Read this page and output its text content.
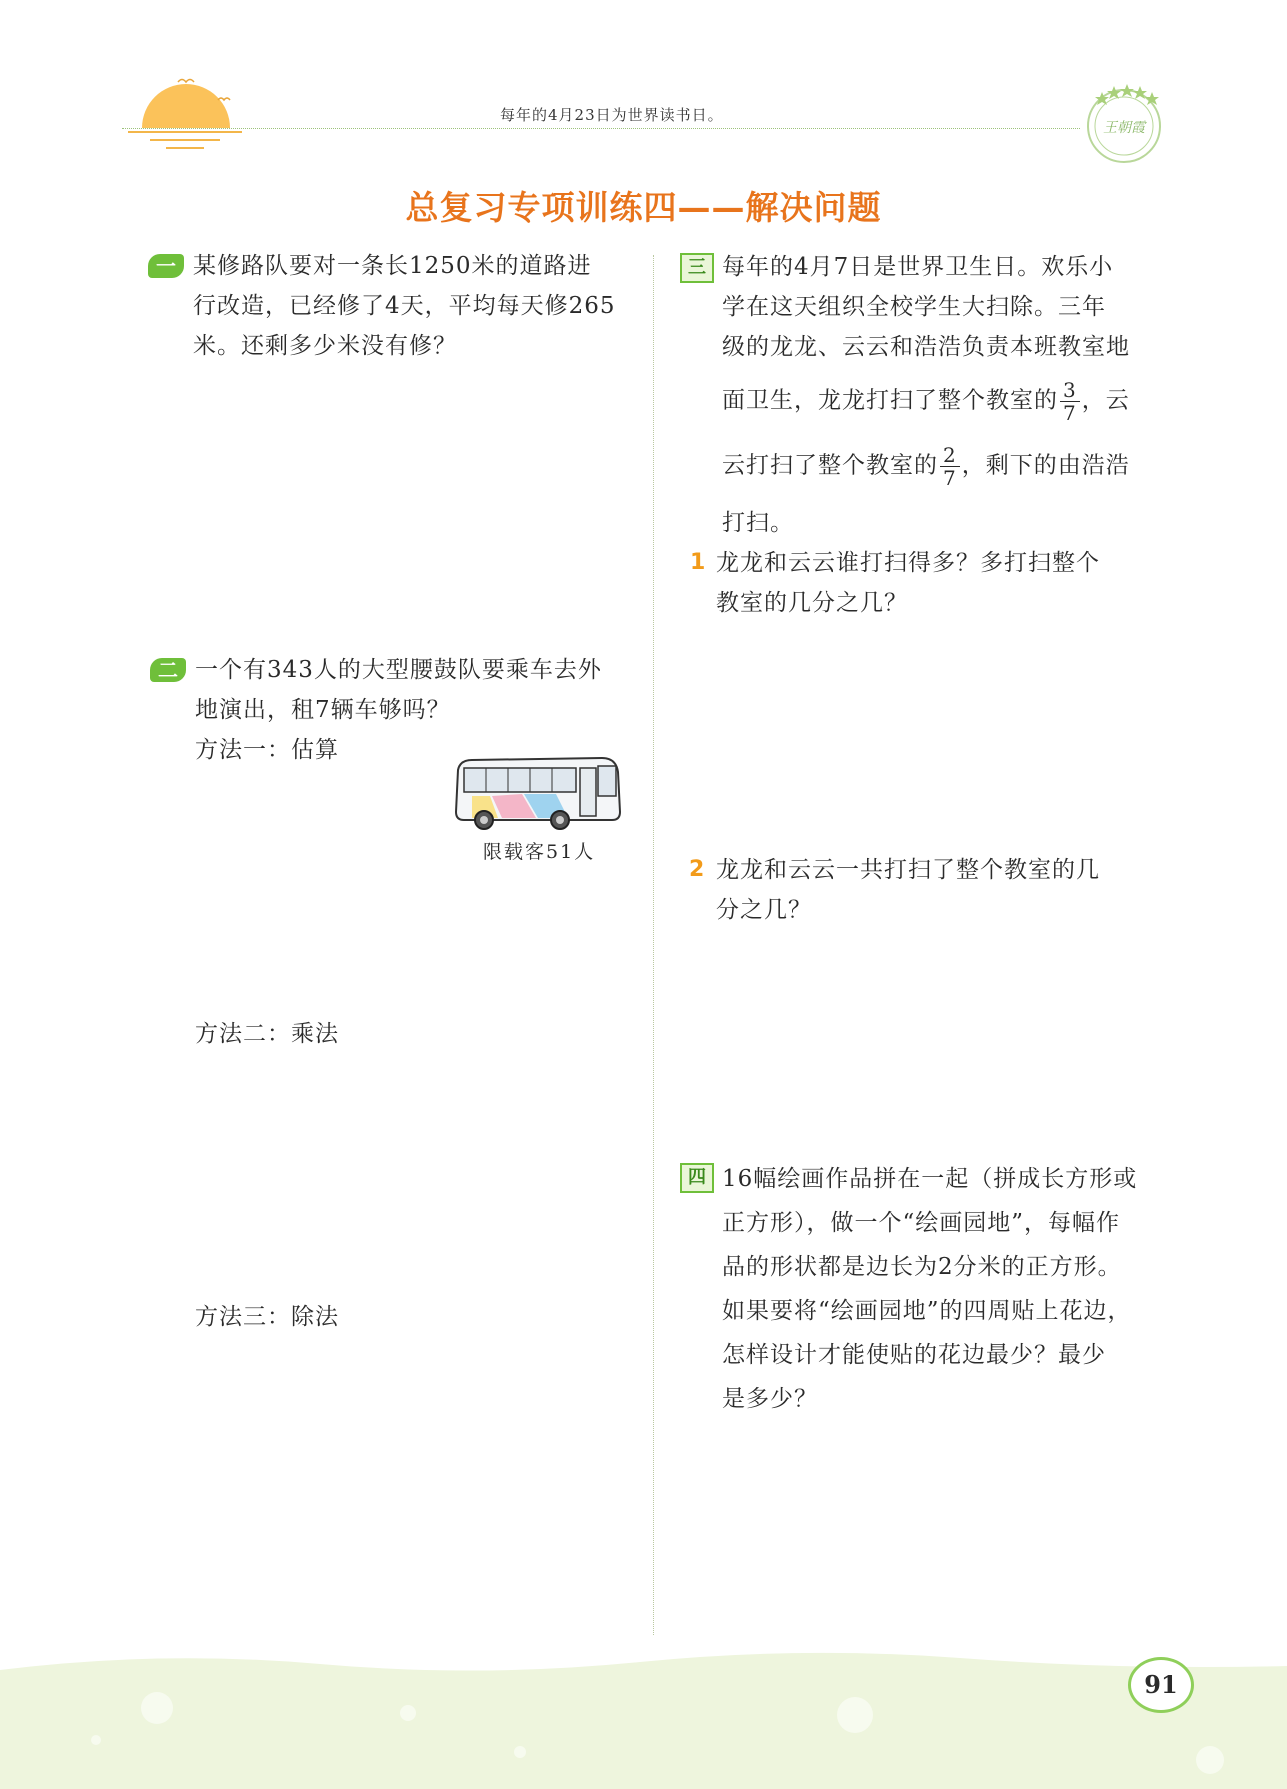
每年的4月23日为世界读书日。
王朝霞
总复习专项训练四——解决问题
一 某修路队要对一条长1250米的道路进
行改造，已经修了4天，平均每天修265
米。还剩多少米没有修？
二 一个有343人的大型腰鼓队要乘车去外
地演出，租7辆车够吗？
方法一：估算
限载客51人
方法二：乘法
方法三：除法
三 每年的4月7日是世界卫生日。欢乐小
学在这天组织全校学生大扫除。三年
级的龙龙、云云和浩浩负责本班教室地
面卫生，龙龙打扫了整个教室的 $\frac{3}{7}$ ，云
云打扫了整个教室的 $\frac{2}{7}$ ，剩下的由浩浩
打扫。
1 龙龙和云云谁打扫得多？多打扫整个
教室的几分之几？
2 龙龙和云云一共打扫了整个教室的几
分之几？
四 16幅绘画作品拼在一起（拼成长方形或
正方形），做一个“绘画园地”，每幅作
品的形状都是边长为2分米的正方形。
如果要将“绘画园地”的四周贴上花边，
怎样设计才能使贴的花边最少？最少
是多少？
91
